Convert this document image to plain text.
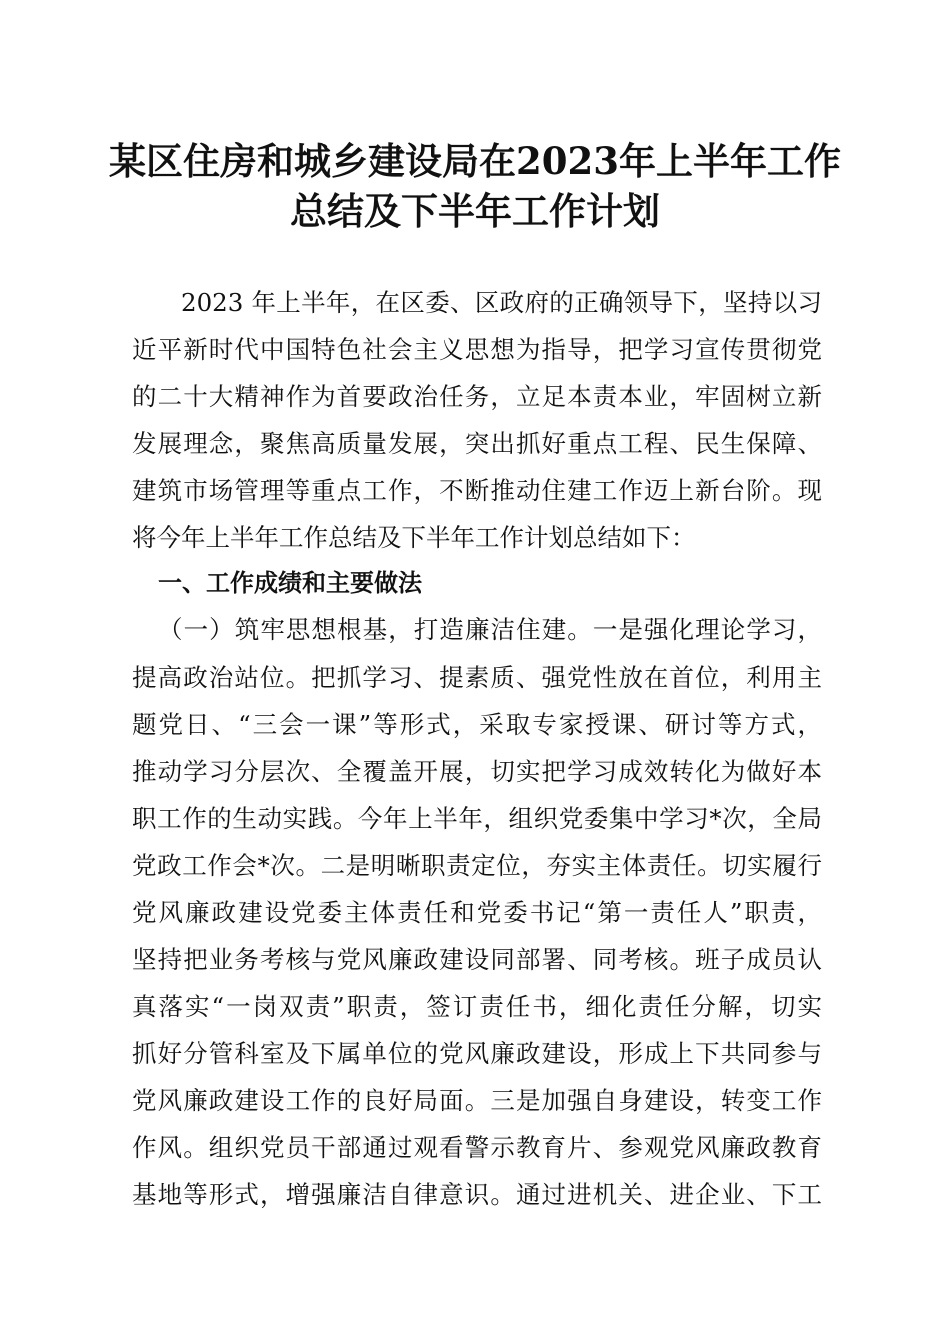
某区住房和城乡建设局在2023年上半年工作
总结及下半年工作计划

2023 年上半年，在区委、区政府的正确领导下，坚持以习

近平新时代中国特色社会主义思想为指导，把学习宣传贯彻党

的二十大精神作为首要政治任务，立足本责本业，牢固树立新

发展理念，聚焦高质量发展，突出抓好重点工程、民生保障、

建筑市场管理等重点工作，不断推动住建工作迈上新台阶。现

将今年上半年工作总结及下半年工作计划总结如下：

一、工作成绩和主要做法

（一）筑牢思想根基，打造廉洁住建。一是强化理论学习，

提高政治站位。把抓学习、提素质、强党性放在首位，利用主

题党日、“三会一课”等形式，采取专家授课、研讨等方式，

推动学习分层次、全覆盖开展，切实把学习成效转化为做好本

职工作的生动实践。今年上半年，组织党委集中学习*次，全局

党政工作会*次。二是明晰职责定位，夯实主体责任。切实履行

党风廉政建设党委主体责任和党委书记“第一责任人”职责，

坚持把业务考核与党风廉政建设同部署、同考核。班子成员认

真落实“一岗双责”职责，签订责任书，细化责任分解，切实

抓好分管科室及下属单位的党风廉政建设，形成上下共同参与

党风廉政建设工作的良好局面。三是加强自身建设，转变工作

作风。组织党员干部通过观看警示教育片、参观党风廉政教育

基地等形式，增强廉洁自律意识。通过进机关、进企业、下工
